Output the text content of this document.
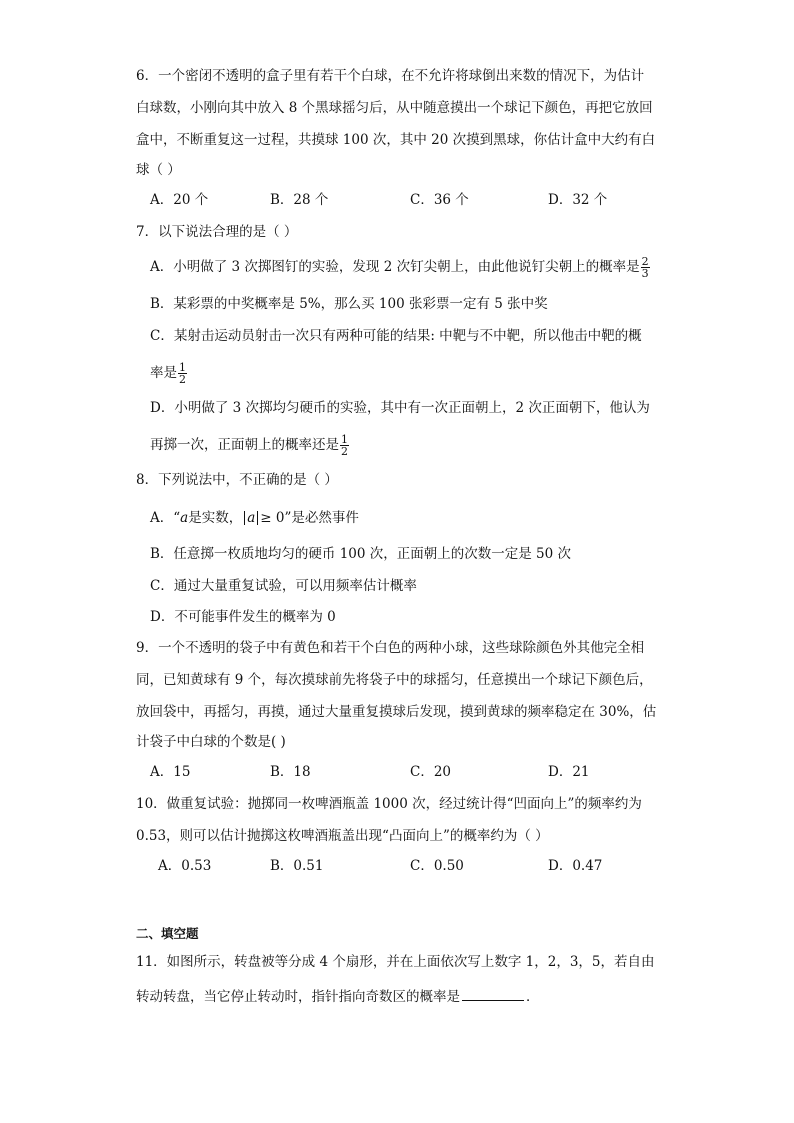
6．一个密闭不透明的盒子里有若干个白球，在不允许将球倒出来数的情况下，为估计
白球数，小刚向其中放入 8 个黑球摇匀后，从中随意摸出一个球记下颜色，再把它放回
盒中，不断重复这一过程，共摸球 100 次，其中 20 次摸到黑球，你估计盒中大约有白
球（ ）
A．20 个	B．28 个	C．36 个	D．32 个
7．以下说法合理的是（ ）
A．小明做了 3 次掷图钉的实验，发现 2 次钉尖朝上，由此他说钉尖朝上的概率是 $\frac{2}{3}$
B．某彩票的中奖概率是 5%，那么买 100 张彩票一定有 5 张中奖
C．某射击运动员射击一次只有两种可能的结果: 中靶与不中靶，所以他击中靶的概
率是 $\frac{1}{2}$
D．小明做了 3 次掷均匀硬币的实验，其中有一次正面朝上，2 次正面朝下，他认为
再掷一次，正面朝上的概率还是 $\frac{1}{2}$
8．下列说法中，不正确的是（ ）
A．“a是实数， a ≥ 0”是必然事件
B．任意掷一枚质地均匀的硬币 100 次，正面朝上的次数一定是 50 次
C．通过大量重复试验，可以用频率估计概率
D．不可能事件发生的概率为 0
9．一个不透明的袋子中有黄色和若干个白色的两种小球，这些球除颜色外其他完全相
同，已知黄球有 9 个，每次摸球前先将袋子中的球摇匀，任意摸出一个球记下颜色后，
放回袋中，再摇匀，再摸，通过大量重复摸球后发现，摸到黄球的频率稳定在 30%，估
计袋子中白球的个数是( )
A．15	B．18	C．20	D．21
10．做重复试验：抛掷同一枚啤酒瓶盖 1000 次，经过统计得“凹面向上”的频率约为
0.53，则可以估计抛掷这枚啤酒瓶盖出现“凸面向上”的概率约为（ ）
A．0.53	B．0.51	C．0.50	D．0.47
二、填空题
11．如图所示，转盘被等分成 4 个扇形，并在上面依次写上数字 1，2，3，5，若自由
转动转盘，当它停止转动时，指针指向奇数区的概率是	．
